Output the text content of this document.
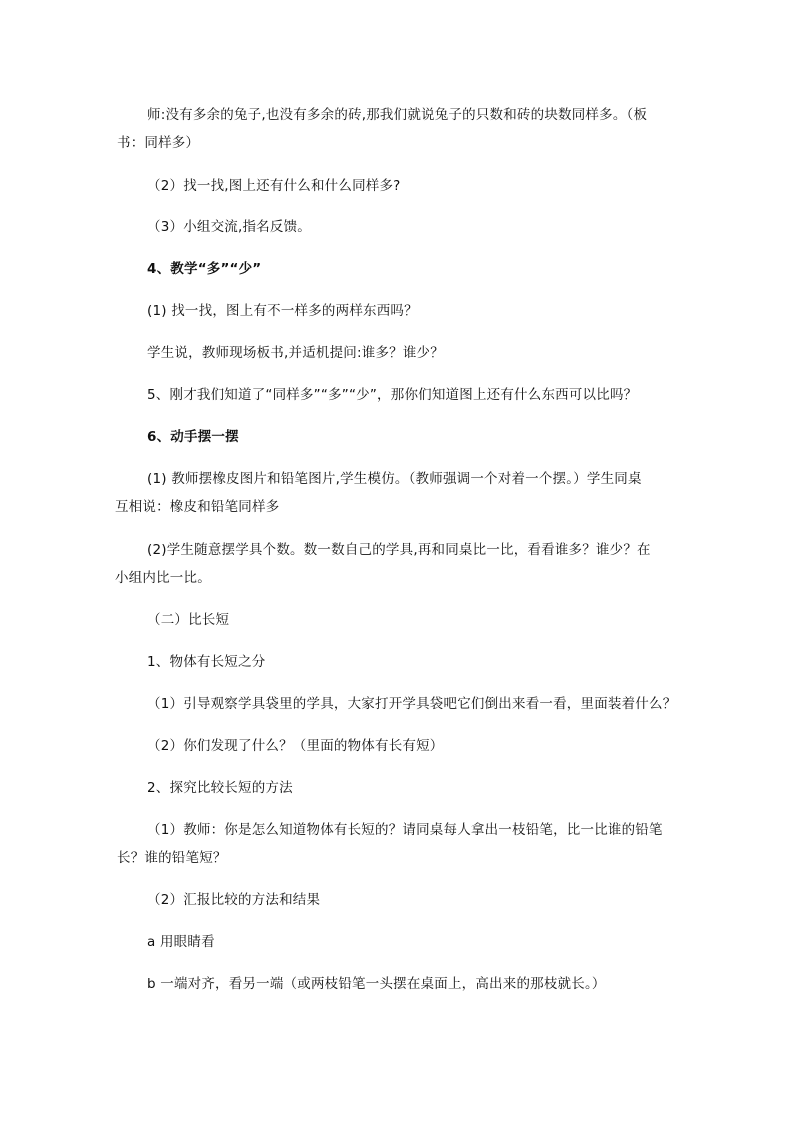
师:没有多余的兔子,也没有多余的砖,那我们就说兔子的只数和砖的块数同样多。（板
书：同样多）

（2）找一找,图上还有什么和什么同样多?

（3）小组交流,指名反馈。

4、教学“多”“少”

(1) 找一找，图上有不一样多的两样东西吗？

学生说，教师现场板书,并适机提问:谁多？谁少？

5、刚才我们知道了“同样多”“多”“少”，那你们知道图上还有什么东西可以比吗？

6、动手摆一摆

(1) 教师摆橡皮图片和铅笔图片,学生模仿。（教师强调一个对着一个摆。）学生同桌
互相说：橡皮和铅笔同样多

(2)学生随意摆学具个数。数一数自己的学具,再和同桌比一比，看看谁多？谁少？在
小组内比一比。

（二）比长短

1、物体有长短之分

（1）引导观察学具袋里的学具，大家打开学具袋吧它们倒出来看一看，里面装着什么？

（2）你们发现了什么？（里面的物体有长有短）

2、探究比较长短的方法

（1）教师：你是怎么知道物体有长短的？请同桌每人拿出一枝铅笔，比一比谁的铅笔
长？谁的铅笔短？

（2）汇报比较的方法和结果

a 用眼睛看

b 一端对齐，看另一端（或两枝铅笔一头摆在桌面上，高出来的那枝就长。）
